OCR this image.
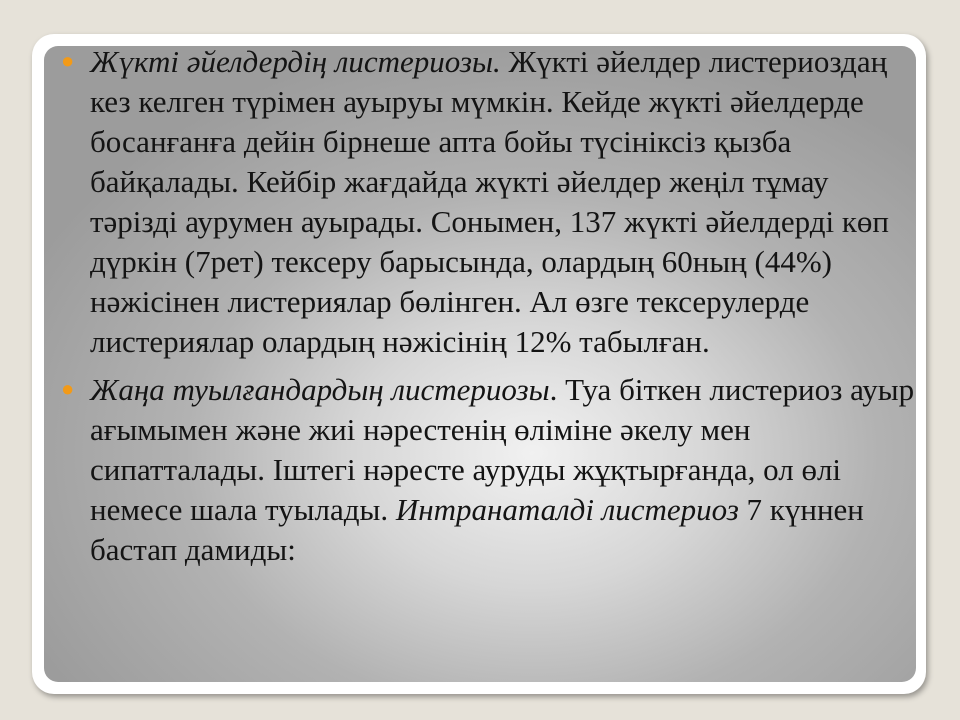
● Жүкті әйелдердің листериозы. Жүкті әйелдер листериоздаң кез келген түрімен ауыруы мүмкін. Кейде жүкті әйелдерде босанғанға дейін бірнеше апта бойы түсініксіз қызба байқалады. Кейбір жағдайда жүкті әйелдер жеңіл тұмау тәрізді аурумен ауырады. Сонымен, 137 жүкті әйелдерді көп дүркін (7рет) тексеру барысында, олардың 60ның (44%) нәжісінен листериялар бөлінген. Ал өзге тексерулерде листериялар олардың нәжісінің 12% табылған.
● Жаңа туылғандардың листериозы. Туа біткен листериоз ауыр ағымымен және жиі нәрестенің өліміне әкелу мен сипатталады. Іштегі нәресте ауруды жұқтырғанда, ол өлі немесе шала туылады. Интранаталді листериоз 7 күннен бастап дамиды:
